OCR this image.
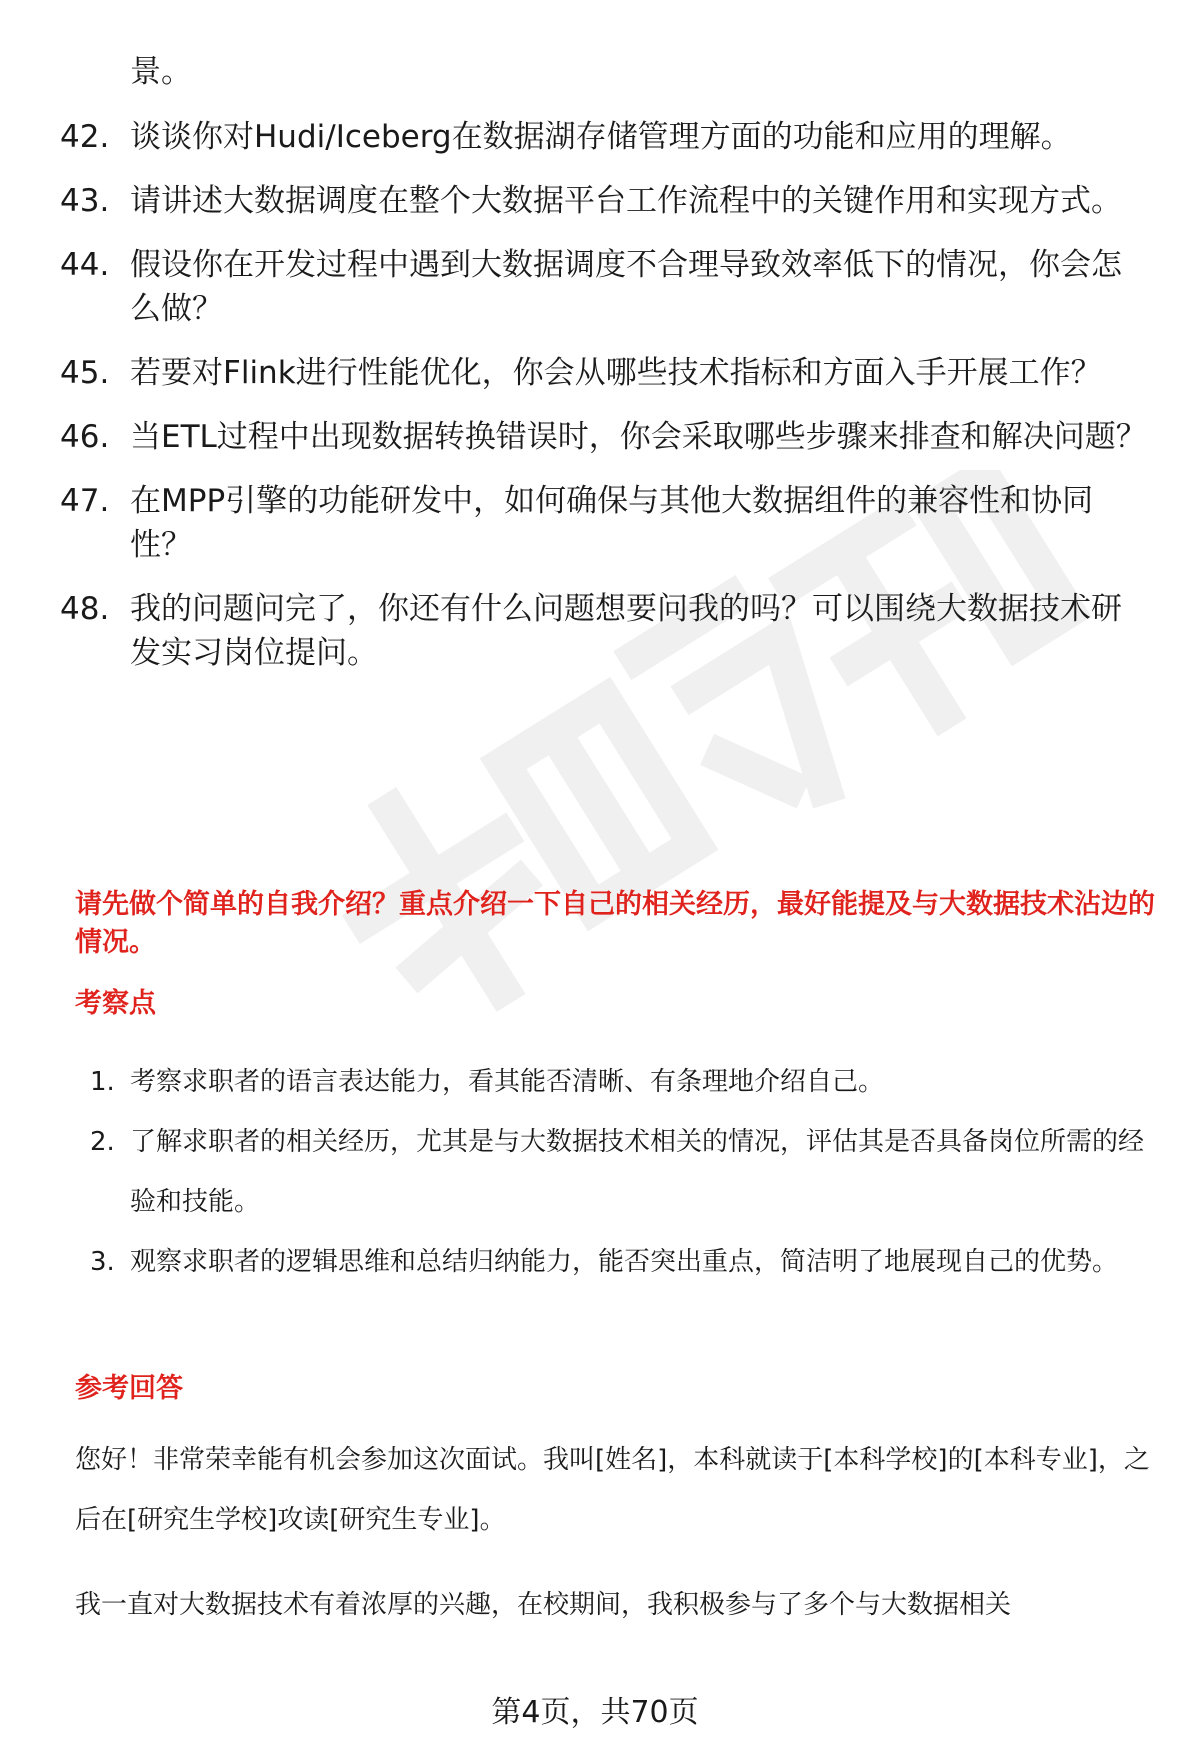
景。
42. 谈谈你对Hudi/Iceberg在数据湖存储管理方面的功能和应用的理解。
43. 请讲述大数据调度在整个大数据平台工作流程中的关键作用和实现方式。
44. 假设你在开发过程中遇到大数据调度不合理导致效率低下的情况，你会怎么做？
45. 若要对Flink进行性能优化，你会从哪些技术指标和方面入手开展工作？
46. 当ETL过程中出现数据转换错误时，你会采取哪些步骤来排查和解决问题？
47. 在MPP引擎的功能研发中，如何确保与其他大数据组件的兼容性和协同性？
48. 我的问题问完了，你还有什么问题想要问我的吗？可以围绕大数据技术研发实习岗位提问。
请先做个简单的自我介绍？重点介绍一下自己的相关经历，最好能提及与大数据技术沾边的情况。
考察点
1. 考察求职者的语言表达能力，看其能否清晰、有条理地介绍自己。
2. 了解求职者的相关经历，尤其是与大数据技术相关的情况，评估其是否具备岗位所需的经验和技能。
3. 观察求职者的逻辑思维和总结归纳能力，能否突出重点，简洁明了地展现自己的优势。
参考回答
您好！非常荣幸能有机会参加这次面试。我叫[姓名]，本科就读于[本科学校]的[本科专业]，之后在[研究生学校]攻读[研究生专业]。
我一直对大数据技术有着浓厚的兴趣，在校期间，我积极参与了多个与大数据相关
第4页，共70页
